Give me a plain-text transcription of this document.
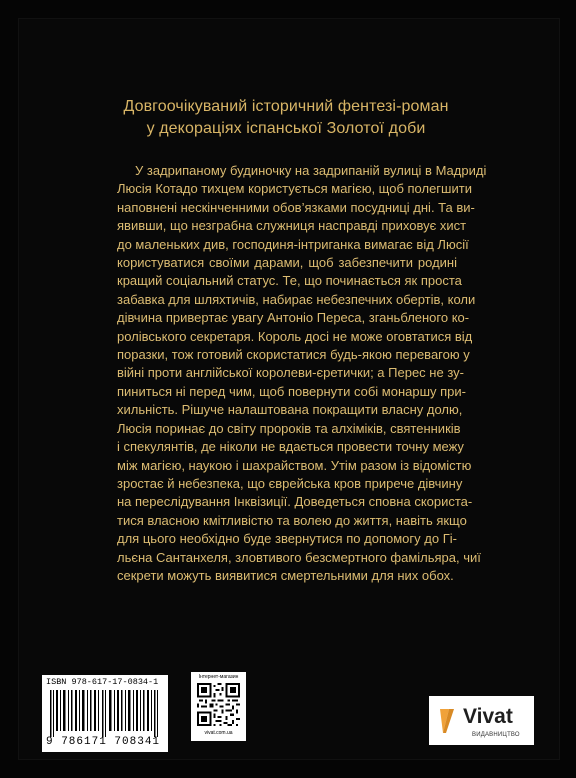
Довгоочікуваний історичний фентезі-роман
у декораціях іспанської Золотої доби
У задрипаному будиночку на задрипаній вулиці в Мадриді
Люсія Котадо тихцем користується магією, щоб полегшити
наповнені нескінченними обов’язками посудниці дні. Та ви-
явивши, що незграбна служниця насправді приховує хист
до маленьких див, господиня-інтриганка вимагає від Люсії
користуватися своїми дарами, щоб забезпечити родині
кращий соціальний статус. Те, що починається як проста
забавка для шляхтичів, набирає небезпечних обертів, коли
дівчина привертає увагу Антоніо Переса, зганьбленого ко-
ролівського секретаря. Король досі не може оговтатися від
поразки, тож готовий скористатися будь-якою перевагою у
війні проти англійської королеви-єретички; а Перес не зу-
пиниться ні перед чим, щоб повернути собі монаршу при-
хильність. Рішуче налаштована покращити власну долю,
Люсія поринає до світу пророків та алхіміків, святенників
і спекулянтів, де ніколи не вдається провести точну межу
між магією, наукою і шахрайством. Утім разом із відомістю
зростає й небезпека, що єврейська кров прирече дівчину
на переслідування Інквізиції. Доведеться сповна скориста-
тися власною кмітливістю та волею до життя, навіть якщо
для цього необхідно буде звернутися по допомогу до Гі-
льєна Сантанхеля, зловтивого безсмертного фамільяра, чиї
секрети можуть виявитися смертельними для них обох.
ISBN 978-617-17-0834-1
9 786171 708341
Інтернет-магазин
vivat.com.ua
Vivat
ВИДАВНИЦТВО
